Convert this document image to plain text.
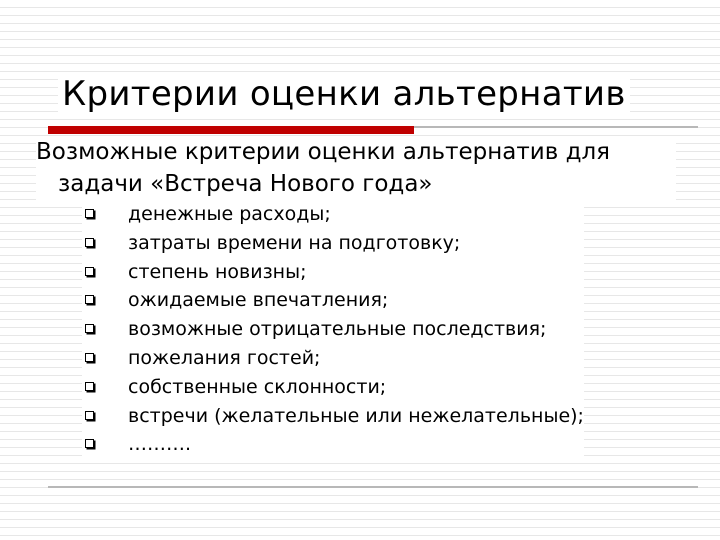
Критерии оценки альтернатив
Возможные критерии оценки альтернатив для
задачи «Встреча Нового года»
денежные расходы;
затраты времени на подготовку;
степень новизны;
ожидаемые впечатления;
возможные отрицательные последствия;
пожелания гостей;
собственные склонности;
встречи (желательные или нежелательные);
……….
